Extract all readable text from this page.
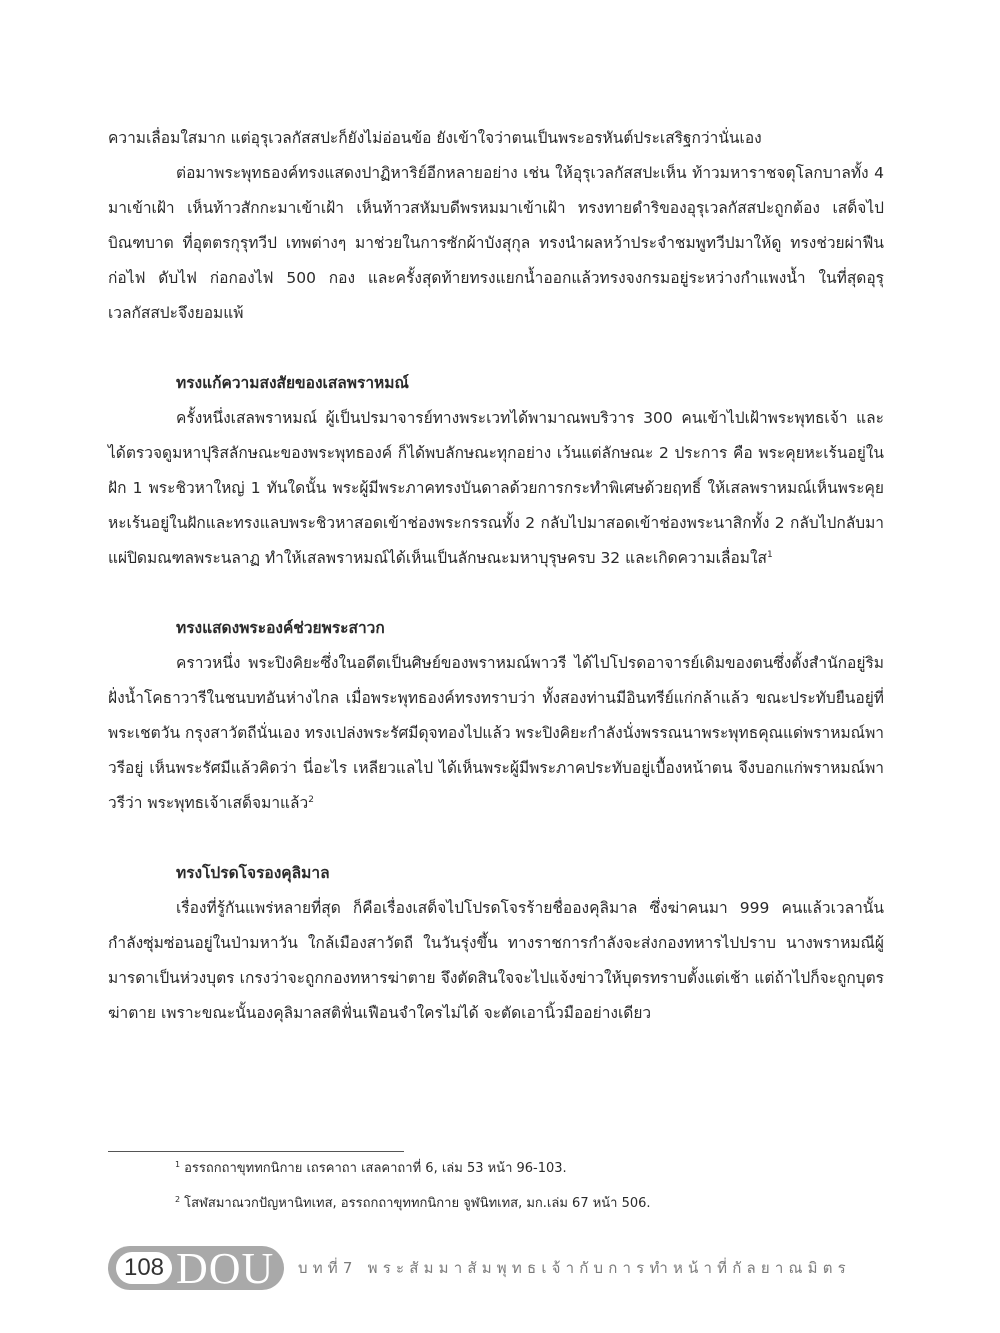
ความเลื่อมใสมาก แต่อุรุเวลกัสสปะก็ยังไม่อ่อนข้อ ยังเข้าใจว่าตนเป็นพระอรหันต์ประเสริฐกว่านั่นเอง

ต่อมาพระพุทธองค์ทรงแสดงปาฏิหาริย์อีกหลายอย่าง เช่น ให้อุรุเวลกัสสปะเห็น ท้าวมหาราชจตุโลกบาลทั้ง 4 มาเข้าเฝ้า เห็นท้าวสักกะมาเข้าเฝ้า เห็นท้าวสหัมบดีพรหมมาเข้าเฝ้า ทรงทายดำริของอุรุเวลกัสสปะถูกต้อง เสด็จไปบิณฑบาต ที่อุตตรกุรุทวีป เทพต่างๆ มาช่วยในการซักผ้าบังสุกุล ทรงนำผลหว้าประจำชมพูทวีปมาให้ดู ทรงช่วยผ่าฟืน ก่อไฟ ดับไฟ ก่อกองไฟ 500 กอง และครั้งสุดท้ายทรงแยกน้ำออกแล้วทรงจงกรมอยู่ระหว่างกำแพงน้ำ ในที่สุดอุรุเวลกัสสปะจึงยอมแพ้

ทรงแก้ความสงสัยของเสลพราหมณ์

ครั้งหนึ่งเสลพราหมณ์ ผู้เป็นปรมาจารย์ทางพระเวทได้พามาณพบริวาร 300 คนเข้าไปเฝ้าพระพุทธเจ้า และได้ตรวจดูมหาปุริสลักษณะของพระพุทธองค์ ก็ได้พบลักษณะทุกอย่าง เว้นแต่ลักษณะ 2 ประการ คือ พระคุยหะเร้นอยู่ในฝัก 1 พระชิวหาใหญ่ 1 ทันใดนั้น พระผู้มีพระภาคทรงบันดาลด้วยการกระทำพิเศษด้วยฤทธิ์ ให้เสลพราหมณ์เห็นพระคุยหะเร้นอยู่ในฝักและทรงแลบพระชิวหาสอดเข้าช่องพระกรรณทั้ง 2 กลับไปมาสอดเข้าช่องพระนาสิกทั้ง 2 กลับไปกลับมาแผ่ปิดมณฑลพระนลาฏ ทำให้เสลพราหมณ์ได้เห็นเป็นลักษณะมหาบุรุษครบ 32 และเกิดความเลื่อมใส$^1$

ทรงแสดงพระองค์ช่วยพระสาวก

คราวหนึ่ง พระปิงคิยะซึ่งในอดีตเป็นศิษย์ของพราหมณ์พาวรี ได้ไปโปรดอาจารย์เดิมของตนซึ่งตั้งสำนักอยู่ริมฝั่งน้ำโคธาวารีในชนบทอันห่างไกล เมื่อพระพุทธองค์ทรงทราบว่า ทั้งสองท่านมีอินทรีย์แก่กล้าแล้ว ขณะประทับยืนอยู่ที่พระเชตวัน กรุงสาวัตถีนั่นเอง ทรงเปล่งพระรัศมีดุจทองไปแล้ว พระปิงคิยะกำลังนั่งพรรณนาพระพุทธคุณแด่พราหมณ์พาวรีอยู่ เห็นพระรัศมีแล้วคิดว่า นี่อะไร เหลียวแลไป ได้เห็นพระผู้มีพระภาคประทับอยู่เบื้องหน้าตน จึงบอกแก่พราหมณ์พาวรีว่า พระพุทธเจ้าเสด็จมาแล้ว$^2$

ทรงโปรดโจรองคุลิมาล

เรื่องที่รู้กันแพร่หลายที่สุด ก็คือเรื่องเสด็จไปโปรดโจรร้ายชื่อองคุลิมาล ซึ่งฆ่าคนมา 999 คนแล้วเวลานั้น กำลังซุ่มซ่อนอยู่ในป่ามหาวัน ใกล้เมืองสาวัตถี ในวันรุ่งขึ้น ทางราชการกำลังจะส่งกองทหารไปปราบ นางพราหมณีผู้มารดาเป็นห่วงบุตร เกรงว่าจะถูกกองทหารฆ่าตาย จึงตัดสินใจจะไปแจ้งข่าวให้บุตรทราบตั้งแต่เช้า แต่ถ้าไปก็จะถูกบุตรฆ่าตาย เพราะขณะนั้นองคุลิมาลสติฟั่นเฟือนจำใครไม่ได้ จะตัดเอานิ้วมืออย่างเดียว

$^1$ อรรถกถาขุททกนิกาย เถรคาถา เสลคาถาที่ 6, เล่ม 53 หน้า 96-103.

$^2$ โสฬสมาณวกปัญหานิทเทส, อรรถกถาขุททกนิกาย จูฬนิทเทส, มก.เล่ม 67 หน้า 506.

108 DOU	บทที่7 พระสัมมาสัมพุทธเจ้ากับการทำหน้าที่กัลยาณมิตร
